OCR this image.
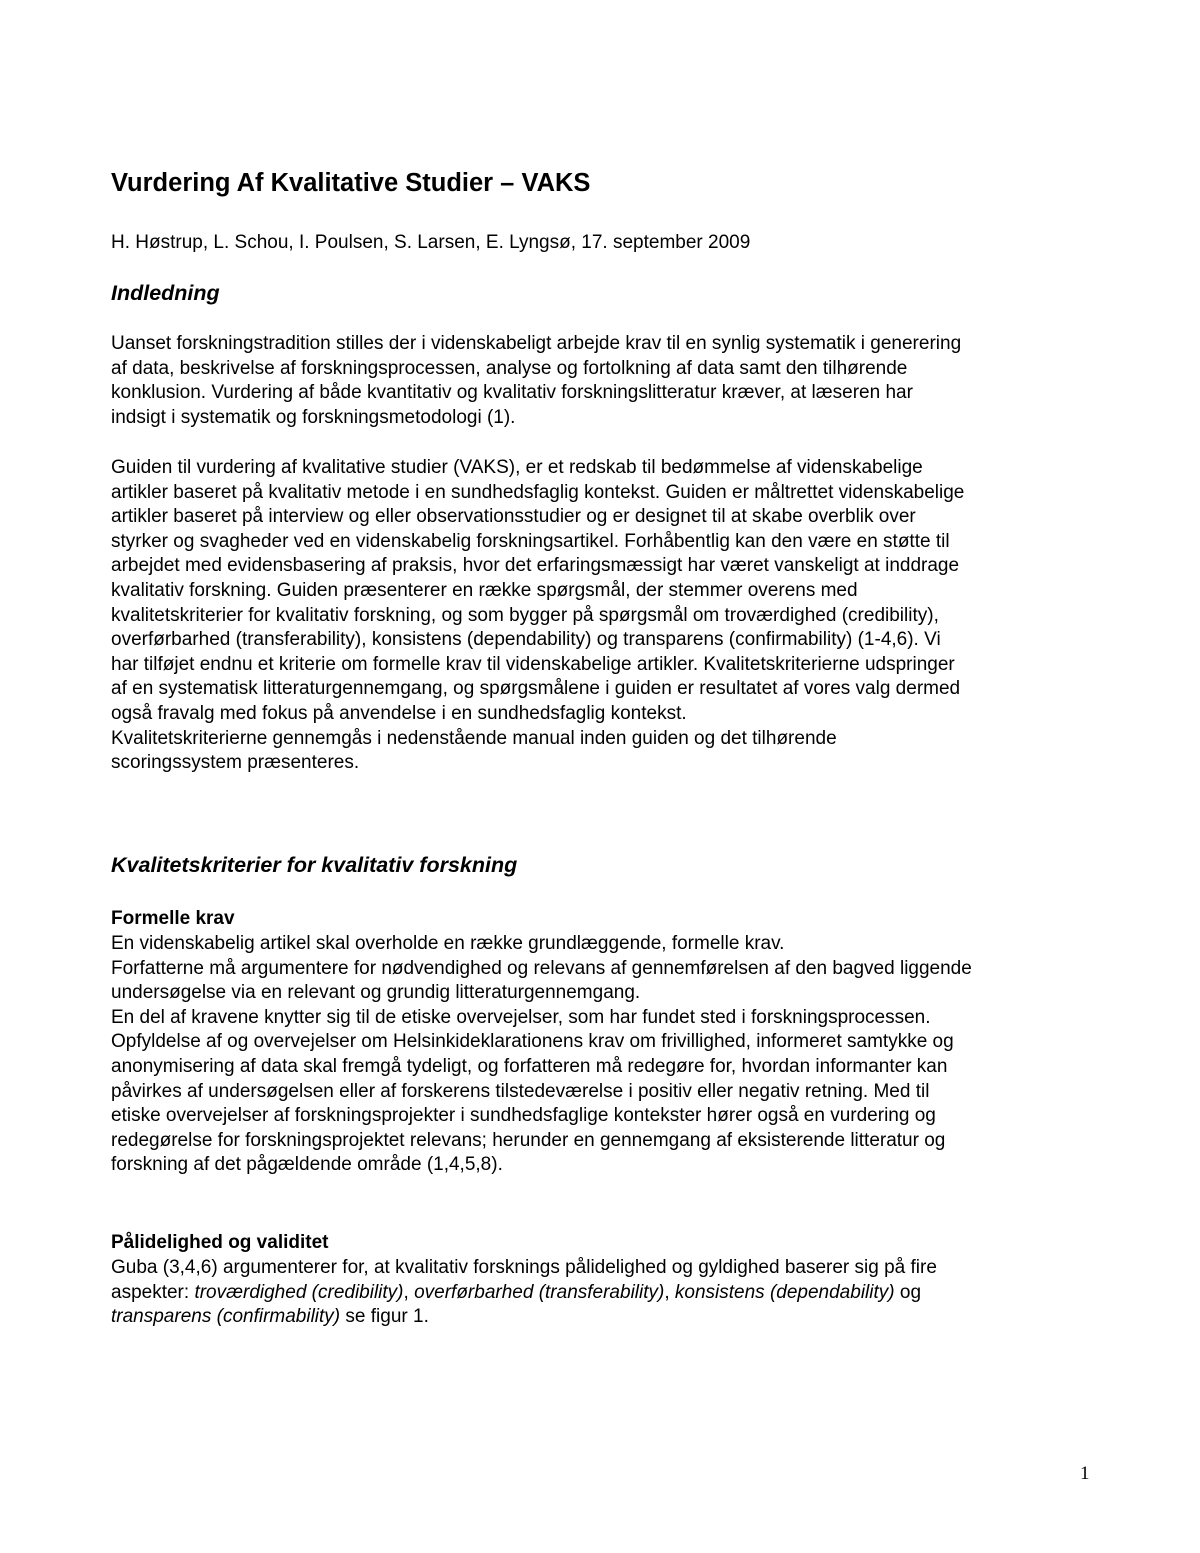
Vurdering Af Kvalitative Studier – VAKS

H. Høstrup, L. Schou, I. Poulsen, S. Larsen, E. Lyngsø, 17. september 2009

Indledning
Uanset forskningstradition stilles der i videnskabeligt arbejde krav til en synlig systematik i generering
af data, beskrivelse af forskningsprocessen, analyse og fortolkning af data samt den tilhørende
konklusion. Vurdering af både kvantitativ og kvalitativ forskningslitteratur kræver, at læseren har
indsigt i systematik og forskningsmetodologi (1).
Guiden til vurdering af kvalitative studier (VAKS), er et redskab til bedømmelse af videnskabelige
artikler baseret på kvalitativ metode i en sundhedsfaglig kontekst. Guiden er måltrettet videnskabelige
artikler baseret på interview og eller observationsstudier og er designet til at skabe overblik over
styrker og svagheder ved en videnskabelig forskningsartikel. Forhåbentlig kan den være en støtte til
arbejdet med evidensbasering af praksis, hvor det erfaringsmæssigt har været vanskeligt at inddrage
kvalitativ forskning. Guiden præsenterer en række spørgsmål, der stemmer overens med
kvalitetskriterier for kvalitativ forskning, og som bygger på spørgsmål om troværdighed (credibility),
overførbarhed (transferability), konsistens (dependability) og transparens (confirmability) (1-4,6). Vi
har tilføjet endnu et kriterie om formelle krav til videnskabelige artikler. Kvalitetskriterierne udspringer
af en systematisk litteraturgennemgang, og spørgsmålene i guiden er resultatet af vores valg dermed
også fravalg med fokus på anvendelse i en sundhedsfaglig kontekst.
Kvalitetskriterierne gennemgås i nedenstående manual inden guiden og det tilhørende
scoringssystem præsenteres.
Kvalitetskriterier for kvalitativ forskning
Formelle krav
En videnskabelig artikel skal overholde en række grundlæggende, formelle krav.
Forfatterne må argumentere for nødvendighed og relevans af gennemførelsen af den bagved liggende
undersøgelse via en relevant og grundig litteraturgennemgang.
En del af kravene knytter sig til de etiske overvejelser, som har fundet sted i forskningsprocessen.
Opfyldelse af og overvejelser om Helsinkideklarationens krav om frivillighed, informeret samtykke og
anonymisering af data skal fremgå tydeligt, og forfatteren må redegøre for, hvordan informanter kan
påvirkes af undersøgelsen eller af forskerens tilstedeværelse i positiv eller negativ retning. Med til
etiske overvejelser af forskningsprojekter i sundhedsfaglige kontekster hører også en vurdering og
redegørelse for forskningsprojektet relevans; herunder en gennemgang af eksisterende litteratur og
forskning af det pågældende område (1,4,5,8).
Pålidelighed og validitet
Guba (3,4,6) argumenterer for, at kvalitativ forsknings pålidelighed og gyldighed baserer sig på fire
aspekter: troværdighed (credibility), overførbarhed (transferability), konsistens (dependability) og
transparens (confirmability) se figur 1.

1
